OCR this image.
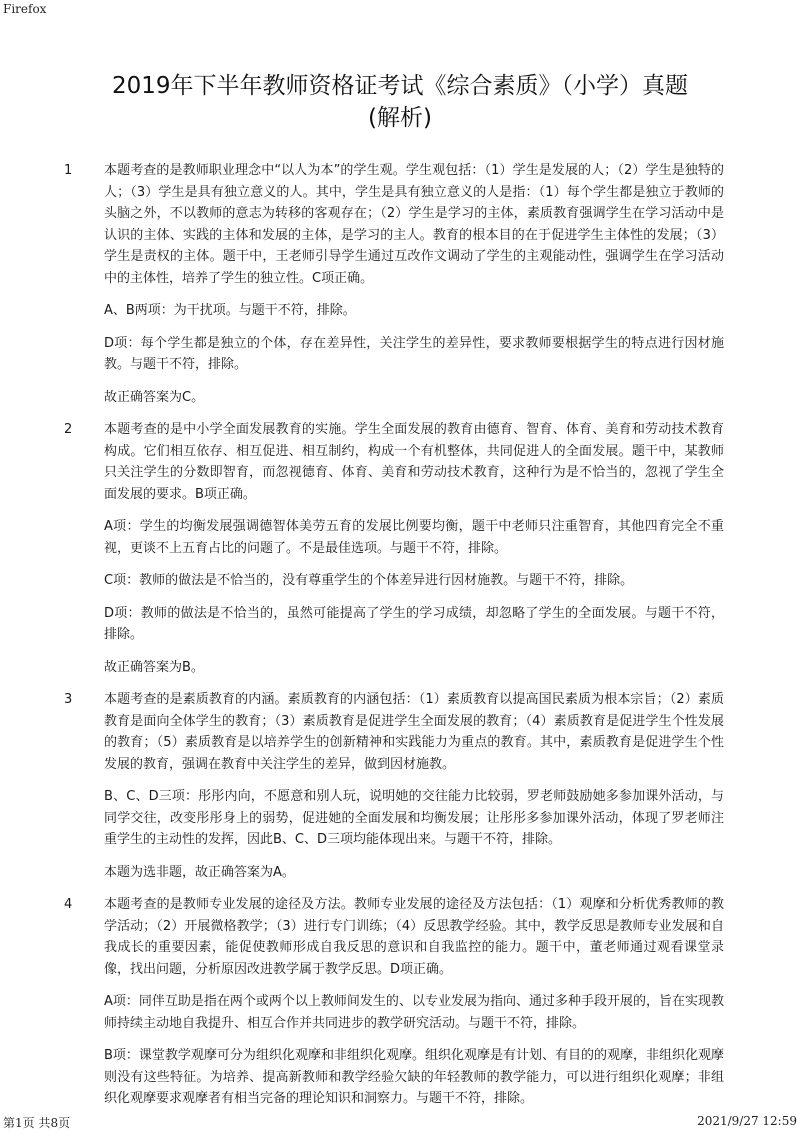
Firefox
2019年下半年教师资格证考试《综合素质》（小学）真题
(解析)
1 本题考查的是教师职业理念中“以人为本”的学生观。学生观包括：（1）学生是发展的人；（2）学生是独特的人；（3）学生是具有独立意义的人。其中，学生是具有独立意义的人是指：（1）每个学生都是独立于教师的头脑之外，不以教师的意志为转移的客观存在；（2）学生是学习的主体，素质教育强调学生在学习活动中是认识的主体、实践的主体和发展的主体，是学习的主人。教育的根本目的在于促进学生主体性的发展；（3）学生是责权的主体。题干中，王老师引导学生通过互改作文调动了学生的主观能动性，强调学生在学习活动中的主体性，培养了学生的独立性。C项正确。

A、B两项：为干扰项。与题干不符，排除。

D项：每个学生都是独立的个体，存在差异性，关注学生的差异性，要求教师要根据学生的特点进行因材施教。与题干不符，排除。

故正确答案为C。

2 本题考查的是中小学全面发展教育的实施。学生全面发展的教育由德育、智育、体育、美育和劳动技术教育构成。它们相互依存、相互促进、相互制约，构成一个有机整体，共同促进人的全面发展。题干中，某教师只关注学生的分数即智育，而忽视德育、体育、美育和劳动技术教育，这种行为是不恰当的，忽视了学生全面发展的要求。B项正确。

A项：学生的均衡发展强调德智体美劳五育的发展比例要均衡，题干中老师只注重智育，其他四育完全不重视，更谈不上五育占比的问题了。不是最佳选项。与题干不符，排除。

C项：教师的做法是不恰当的，没有尊重学生的个体差异进行因材施教。与题干不符，排除。

D项：教师的做法是不恰当的，虽然可能提高了学生的学习成绩，却忽略了学生的全面发展。与题干不符，排除。

故正确答案为B。

3 本题考查的是素质教育的内涵。素质教育的内涵包括：（1）素质教育以提高国民素质为根本宗旨；（2）素质教育是面向全体学生的教育；（3）素质教育是促进学生全面发展的教育；（4）素质教育是促进学生个性发展的教育；（5）素质教育是以培养学生的创新精神和实践能力为重点的教育。其中，素质教育是促进学生个性发展的教育，强调在教育中关注学生的差异，做到因材施教。

B、C、D三项：彤彤内向，不愿意和别人玩，说明她的交往能力比较弱，罗老师鼓励她多参加课外活动，与同学交往，改变彤彤身上的弱势，促进她的全面发展和均衡发展；让彤彤多参加课外活动，体现了罗老师注重学生的主动性的发挥，因此B、C、D三项均能体现出来。与题干不符，排除。

本题为选非题，故正确答案为A。

4 本题考查的是教师专业发展的途径及方法。教师专业发展的途径及方法包括：（1）观摩和分析优秀教师的教学活动；（2）开展微格教学；（3）进行专门训练；（4）反思教学经验。其中，教学反思是教师专业发展和自我成长的重要因素，能促使教师形成自我反思的意识和自我监控的能力。题干中，董老师通过观看课堂录像，找出问题，分析原因改进教学属于教学反思。D项正确。

A项：同伴互助是指在两个或两个以上教师间发生的、以专业发展为指向、通过多种手段开展的，旨在实现教师持续主动地自我提升、相互合作并共同进步的教学研究活动。与题干不符，排除。

B项：课堂教学观摩可分为组织化观摩和非组织化观摩。组织化观摩是有计划、有目的的观摩，非组织化观摩则没有这些特征。为培养、提高新教师和教学经验欠缺的年轻教师的教学能力，可以进行组织化观摩；非组织化观摩要求观摩者有相当完备的理论知识和洞察力。与题干不符，排除。

第1页 共8页	2021/9/27 12:59
